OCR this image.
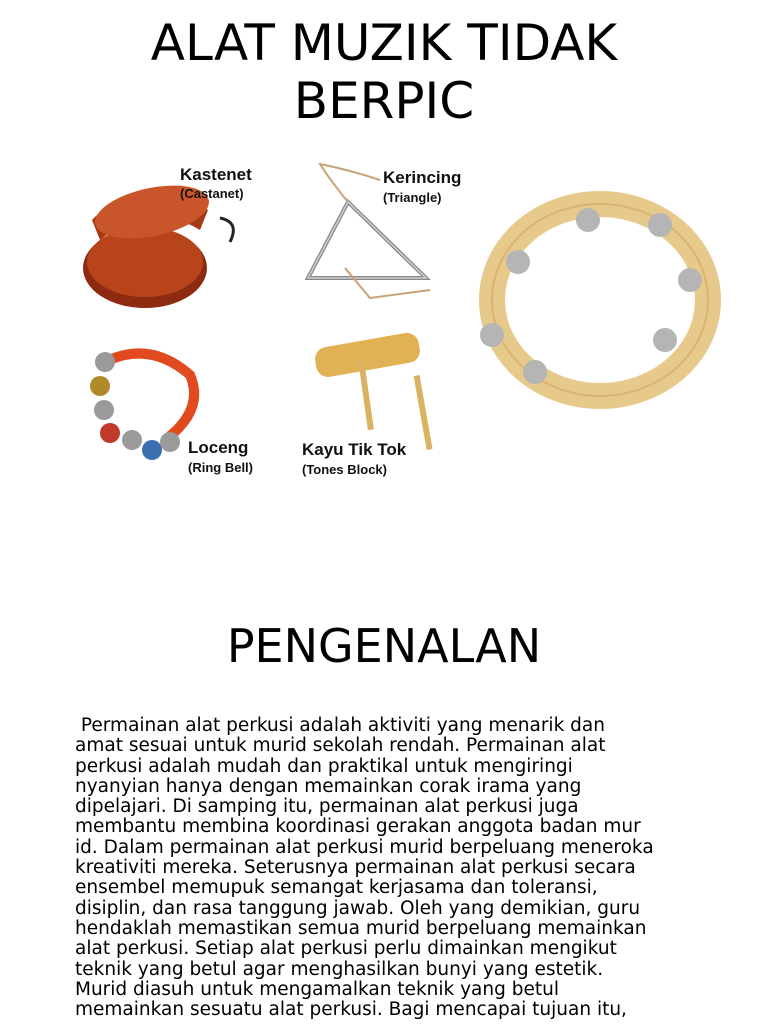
ALAT MUZIK TIDAK
BERPIC
Kastenet
(Castanet)
Kerincing
(Triangle)
Loceng
(Ring Bell)
Kayu Tik Tok
(Tones Block)
PENGENALAN

Permainan alat perkusi adalah aktiviti yang menarik dan
amat sesuai untuk murid sekolah rendah. Permainan alat
perkusi adalah mudah dan praktikal untuk mengiringi
nyanyian hanya dengan memainkan corak irama yang
dipelajari. Di samping itu, permainan alat perkusi juga
membantu membina koordinasi gerakan anggota badan mur
id. Dalam permainan alat perkusi murid berpeluang meneroka
kreativiti mereka. Seterusnya permainan alat perkusi secara
ensembel memupuk semangat kerjasama dan toleransi,
disiplin, dan rasa tanggung jawab. Oleh yang demikian, guru
hendaklah memastikan semua murid berpeluang memainkan
alat perkusi. Setiap alat perkusi perlu dimainkan mengikut
teknik yang betul agar menghasilkan bunyi yang estetik.
Murid diasuh untuk mengamalkan teknik yang betul
memainkan sesuatu alat perkusi. Bagi mencapai tujuan itu,
